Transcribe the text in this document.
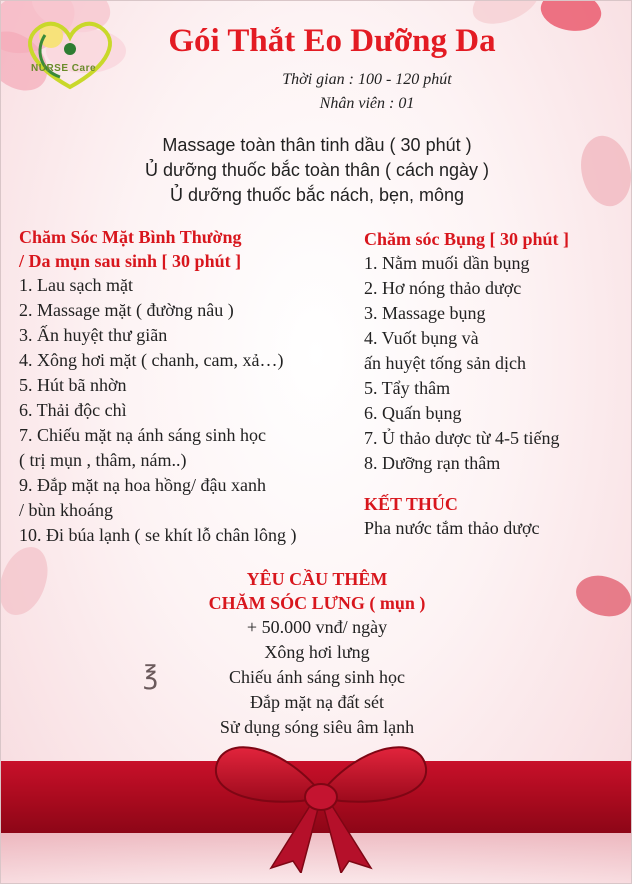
NURSE Care
Gói Thắt Eo Dưỡng Da
Thời gian : 100 - 120 phút
Nhân viên : 01
Massage toàn thân tinh dầu ( 30 phút )
Ủ dưỡng thuốc bắc toàn thân ( cách ngày )
Ủ dưỡng thuốc bắc nách, bẹn, mông
Chăm Sóc Mặt Bình Thường
/ Da mụn sau sinh [ 30 phút ]
1. Lau sạch mặt
2. Massage mặt ( đường nâu )
3. Ấn huyệt thư giãn
4. Xông hơi mặt ( chanh, cam, xả…)
5. Hút bã nhờn
6. Thải độc chì
7. Chiếu mặt nạ ánh sáng sinh học
( trị mụn , thâm, nám..)
9. Đắp mặt nạ hoa hồng/ đậu xanh
/ bùn khoáng
10. Đi búa lạnh ( se khít lỗ chân lông )
Chăm sóc Bụng [ 30 phút ]
1. Nằm muối dần bụng
2. Hơ nóng thảo dược
3. Massage bụng
4. Vuốt bụng và
ấn huyệt tống sản dịch
5. Tẩy thâm
6. Quấn bụng
7. Ủ thảo dược từ 4-5 tiếng
8. Dưỡng rạn thâm
KẾT THÚC
Pha nước tắm thảo dược
YÊU CẦU THÊM
CHĂM SÓC LƯNG ( mụn )
+ 50.000 vnđ/ ngày
Xông hơi lưng
Chiếu ánh sáng sinh học
Đắp mặt nạ đất sét
Sử dụng sóng siêu âm lạnh
℥
